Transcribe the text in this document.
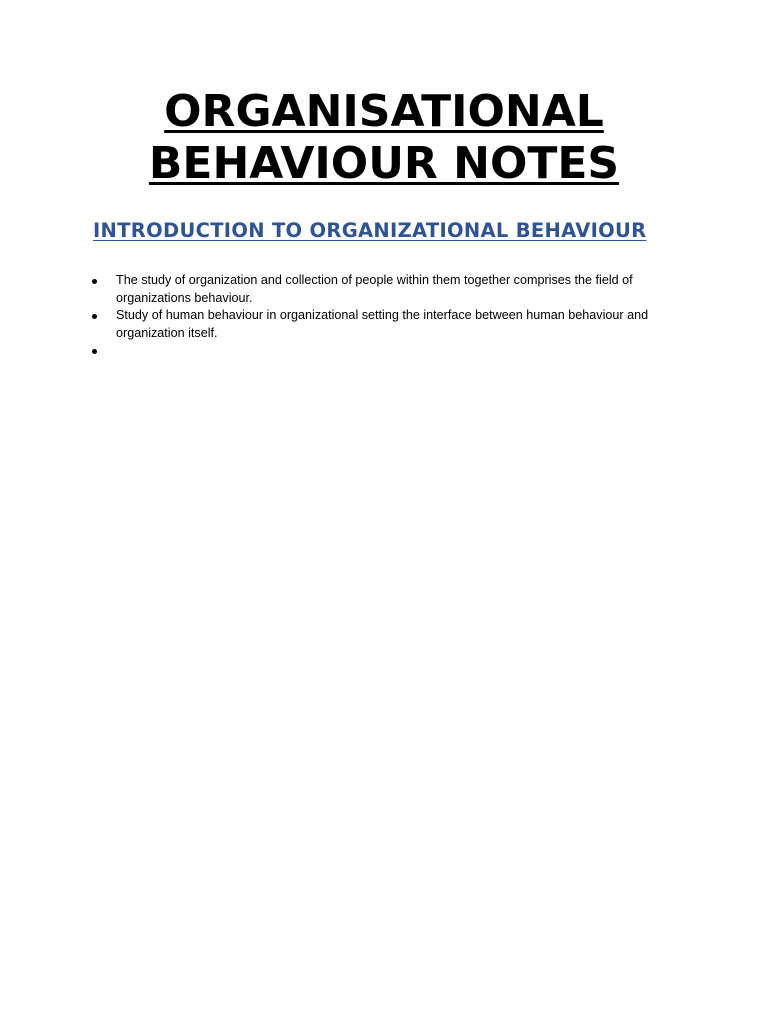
ORGANISATIONAL
BEHAVIOUR NOTES
INTRODUCTION TO ORGANIZATIONAL BEHAVIOUR
The study of organization and collection of people within them together comprises the field of organizations behaviour.
Study of human behaviour in organizational setting the interface between human behaviour and organization itself.
